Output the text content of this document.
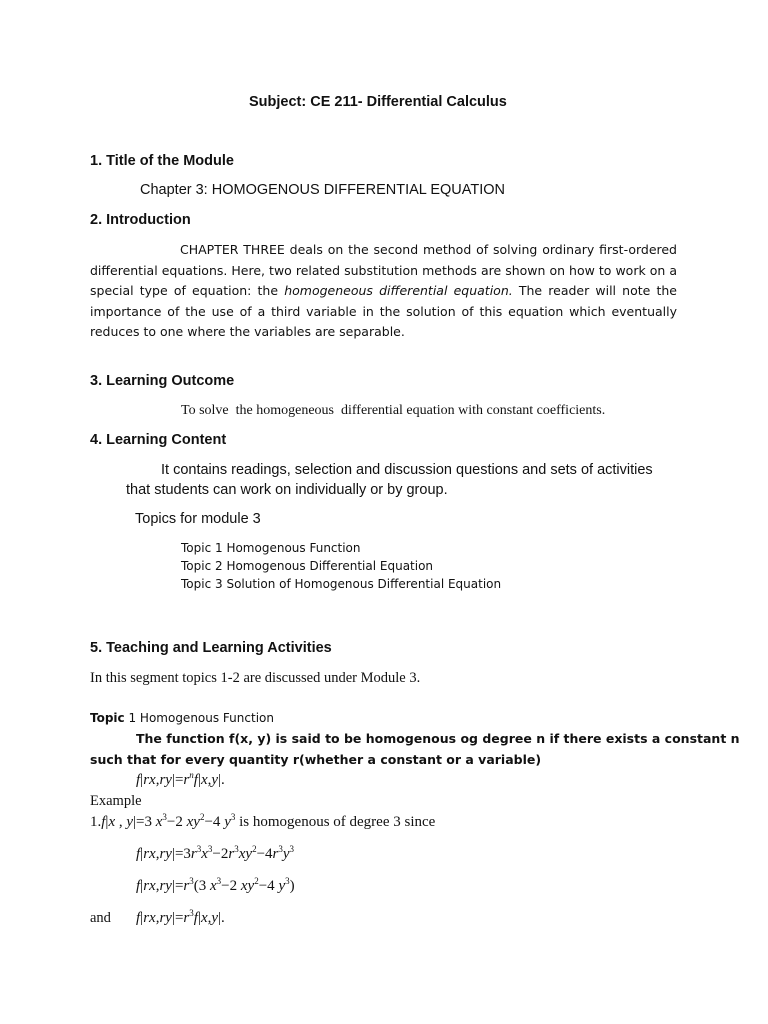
Subject: CE 211- Differential Calculus
1. Title of the Module
Chapter 3: HOMOGENOUS DIFFERENTIAL EQUATION
2. Introduction
CHAPTER THREE deals on the second method of solving ordinary first-ordered differential equations. Here, two related substitution methods are shown on how to work on a special type of equation: the homogeneous differential equation. The reader will note the importance of the use of a third variable in the solution of this equation which eventually reduces to one where the variables are separable.
3. Learning Outcome
To solve  the homogeneous  differential equation with constant coefficients.
4. Learning Content
It contains readings, selection and discussion questions and sets of activities
that students can work on individually or by group.
Topics for module 3
Topic 1 Homogenous Function
Topic 2 Homogenous Differential Equation
Topic 3 Solution of Homogenous Differential Equation
5. Teaching and Learning Activities
In this segment topics 1-2 are discussed under Module 3.
Topic 1 Homogenous Function
The function f(x, y) is said to be homogenous og degree n if there exists a constant n
such that for every quantity r(whether a constant or a variable)
$f|rx,ry|=r^nf|x,y|$.
Example
1.f|x , y|=3 $x^3-2$ $xy^2-4$ $y^3$ is homogenous of degree 3 since
$f|rx,ry|=3r^3x^3-2r^3xy^2-4r^3y^3$
$f|rx,ry|=r^3(3$ $x^3-2$ $xy^2-4$ $y^3$)
and $f|rx,ry|=r^3f|x,y|$.
